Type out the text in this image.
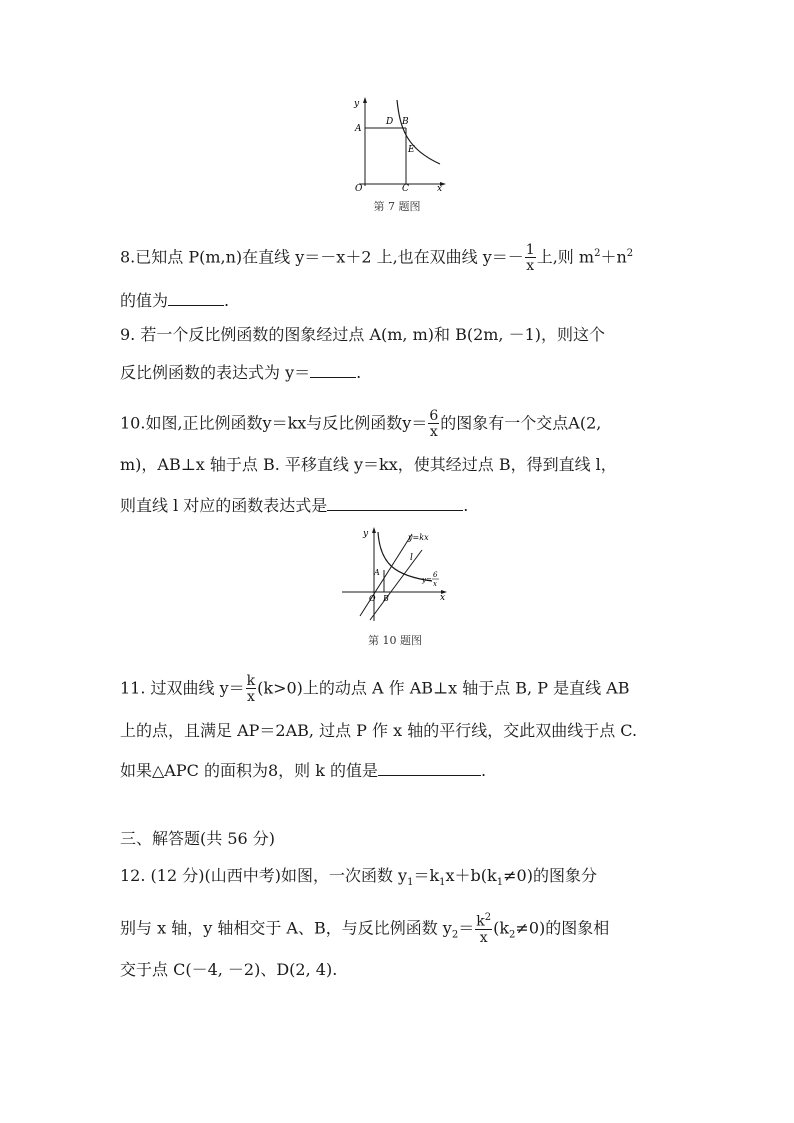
y
A
D B
E
O	C	x
第 7 题图
8.已知点 P(m,n)在直线 y＝－x＋2 上,也在双曲线 $y=- \frac{1}{x}$ 上,则 $m^2+n^2$
的值为	.
9. 若一个反比例函数的图象经过点 A(m, m)和 B(2m, －1)，则这个
反比例函数的表达式为 y＝	.
10.如图,正比例函数y＝kx与反比例函数$y= \frac{6}{x}$ 的图象有一个交点A(2,
m)，AB⊥x 轴于点 B. 平移直线 y＝kx，使其经过点 B，得到直线 l，
则直线 l 对应的函数表达式是	.
y	y=kx
l
A
O B
y=
6
x
x
第 10 题图
11. 过双曲线 $y= \frac{k}{x} (k>0)$上的动点 A 作 AB⊥x 轴于点 B, P 是直线 AB
上的点，且满足 AP＝2AB, 过点 P 作 x 轴的平行线，交此双曲线于点 C.
如果△APC 的面积为8，则 k 的值是	.
三、解答题(共 56 分)
12. (12 分)(山西中考)如图，一次函数 $y_1=k_1x+b(k_1\ne 0)$的图象分
别与 x 轴，y 轴相交于 A、B，与反比例函数 $y_2= \frac{k^2}{x} (k_2\ne 0)$的图象相
交于点 C(－4, －2)、D(2, 4).
